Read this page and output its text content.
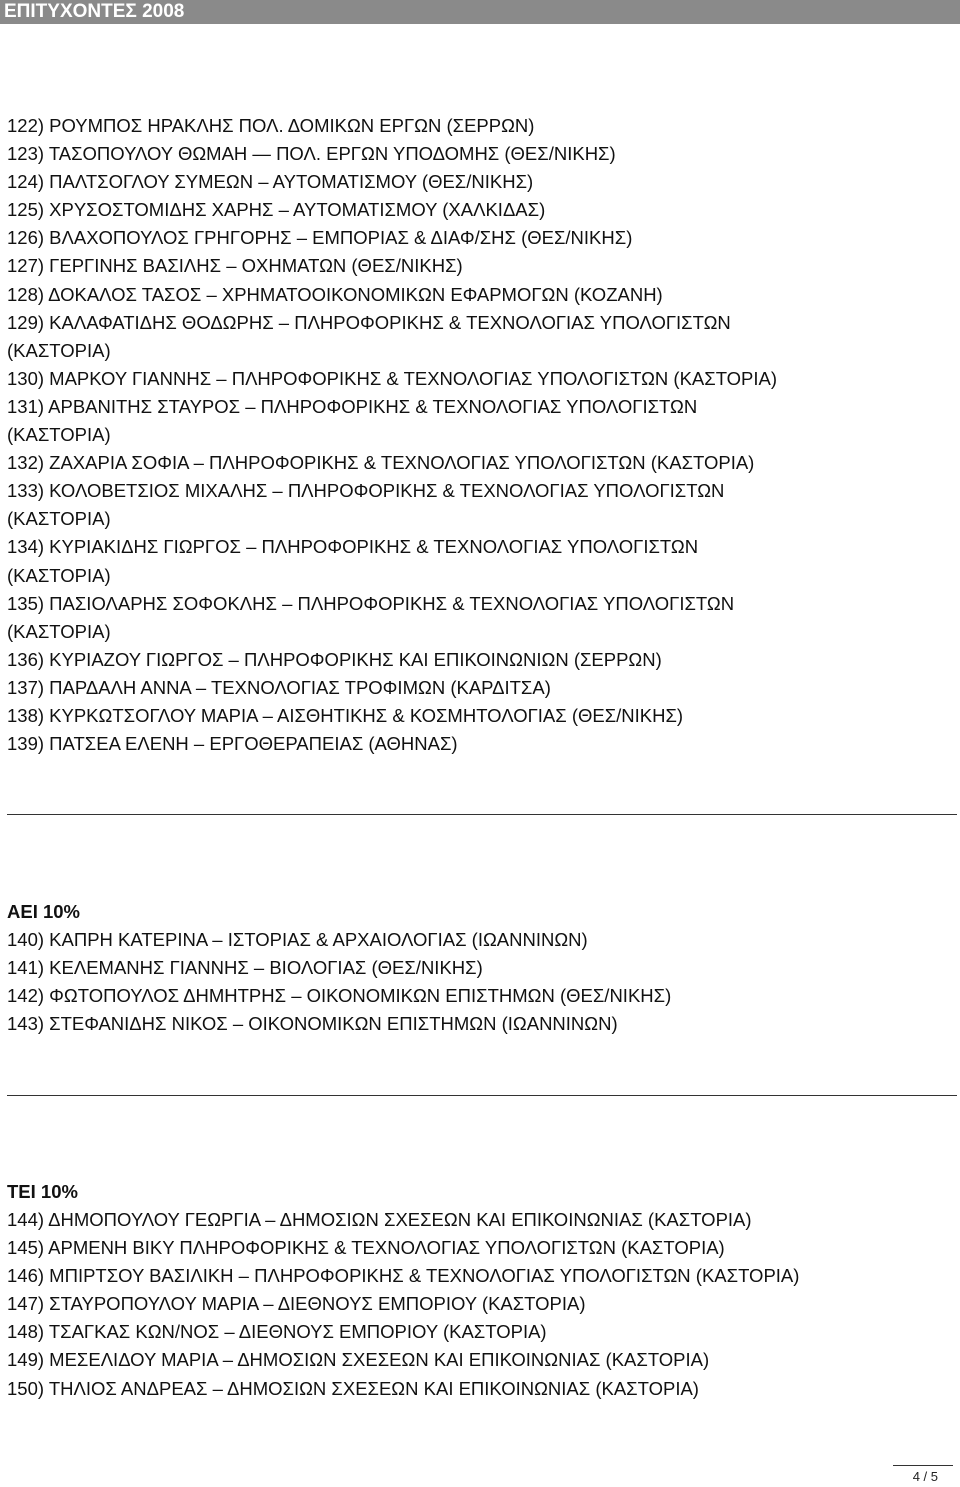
ΕΠΙΤΥΧΟΝΤΕΣ 2008
122) ΡΟΥΜΠΟΣ ΗΡΑΚΛΗΣ ΠΟΛ. ΔΟΜΙΚΩΝ ΕΡΓΩΝ (ΣΕΡΡΩΝ)
123) ΤΑΣΟΠΟΥΛΟΥ ΘΩΜΑΗ — ΠΟΛ. ΕΡΓΩΝ ΥΠΟΔΟΜΗΣ (ΘΕΣ/ΝΙΚΗΣ)
124) ΠΑΛΤΣΟΓΛΟΥ ΣΥΜΕΩΝ – ΑΥΤΟΜΑΤΙΣΜΟΥ (ΘΕΣ/ΝΙΚΗΣ)
125) ΧΡΥΣΟΣΤΟΜΙΔΗΣ ΧΑΡΗΣ – ΑΥΤΟΜΑΤΙΣΜΟΥ (ΧΑΛΚΙΔΑΣ)
126) ΒΛΑΧΟΠΟΥΛΟΣ ΓΡΗΓΟΡΗΣ – ΕΜΠΟΡΙΑΣ & ΔΙΑΦ/ΣΗΣ (ΘΕΣ/ΝΙΚΗΣ)
127) ΓΕΡΓΙΝΗΣ ΒΑΣΙΛΗΣ – ΟΧΗΜΑΤΩΝ (ΘΕΣ/ΝΙΚΗΣ)
128) ΔΟΚΑΛΟΣ ΤΑΣΟΣ – ΧΡΗΜΑΤΟΟΙΚΟΝΟΜΙΚΩΝ ΕΦΑΡΜΟΓΩΝ (ΚΟΖΑΝΗ)
129) ΚΑΛΑΦΑΤΙΔΗΣ ΘΟΔΩΡΗΣ – ΠΛΗΡΟΦΟΡΙΚΗΣ & ΤΕΧΝΟΛΟΓΙΑΣ ΥΠΟΛΟΓΙΣΤΩΝ
(ΚΑΣΤΟΡΙΑ)
130) ΜΑΡΚΟΥ ΓΙΑΝΝΗΣ – ΠΛΗΡΟΦΟΡΙΚΗΣ & ΤΕΧΝΟΛΟΓΙΑΣ ΥΠΟΛΟΓΙΣΤΩΝ (ΚΑΣΤΟΡΙΑ)
131) ΑΡΒΑΝΙΤΗΣ ΣΤΑΥΡΟΣ – ΠΛΗΡΟΦΟΡΙΚΗΣ & ΤΕΧΝΟΛΟΓΙΑΣ ΥΠΟΛΟΓΙΣΤΩΝ
(ΚΑΣΤΟΡΙΑ)
132) ΖΑΧΑΡΙΑ ΣΟΦΙΑ – ΠΛΗΡΟΦΟΡΙΚΗΣ & ΤΕΧΝΟΛΟΓΙΑΣ ΥΠΟΛΟΓΙΣΤΩΝ (ΚΑΣΤΟΡΙΑ)
133) ΚΟΛΟΒΕΤΣΙΟΣ ΜΙΧΑΛΗΣ – ΠΛΗΡΟΦΟΡΙΚΗΣ & ΤΕΧΝΟΛΟΓΙΑΣ ΥΠΟΛΟΓΙΣΤΩΝ
(ΚΑΣΤΟΡΙΑ)
134) ΚΥΡΙΑΚΙΔΗΣ ΓΙΩΡΓΟΣ – ΠΛΗΡΟΦΟΡΙΚΗΣ & ΤΕΧΝΟΛΟΓΙΑΣ ΥΠΟΛΟΓΙΣΤΩΝ
(ΚΑΣΤΟΡΙΑ)
135) ΠΑΣΙΟΛΑΡΗΣ ΣΟΦΟΚΛΗΣ – ΠΛΗΡΟΦΟΡΙΚΗΣ & ΤΕΧΝΟΛΟΓΙΑΣ ΥΠΟΛΟΓΙΣΤΩΝ
(ΚΑΣΤΟΡΙΑ)
136) ΚΥΡΙΑΖΟΥ ΓΙΩΡΓΟΣ – ΠΛΗΡΟΦΟΡΙΚΗΣ ΚΑΙ ΕΠΙΚΟΙΝΩΝΙΩΝ (ΣΕΡΡΩΝ)
137) ΠΑΡΔΑΛΗ ΑΝΝΑ – ΤΕΧΝΟΛΟΓΙΑΣ ΤΡΟΦΙΜΩΝ (ΚΑΡΔΙΤΣΑ)
138) ΚΥΡΚΩΤΣΟΓΛΟΥ ΜΑΡΙΑ – ΑΙΣΘΗΤΙΚΗΣ & ΚΟΣΜΗΤΟΛΟΓΙΑΣ (ΘΕΣ/ΝΙΚΗΣ)
139) ΠΑΤΣΕΑ ΕΛΕΝΗ – ΕΡΓΟΘΕΡΑΠΕΙΑΣ (ΑΘΗΝΑΣ)
ΑΕΙ 10%
140) ΚΑΠΡΗ ΚΑΤΕΡΙΝΑ – ΙΣΤΟΡΙΑΣ & ΑΡΧΑΙΟΛΟΓΙΑΣ (ΙΩΑΝΝΙΝΩΝ)
141) ΚΕΛΕΜΑΝΗΣ ΓΙΑΝΝΗΣ – ΒΙΟΛΟΓΙΑΣ (ΘΕΣ/ΝΙΚΗΣ)
142) ΦΩΤΟΠΟΥΛΟΣ ΔΗΜΗΤΡΗΣ – ΟΙΚΟΝΟΜΙΚΩΝ ΕΠΙΣΤΗΜΩΝ (ΘΕΣ/ΝΙΚΗΣ)
143) ΣΤΕΦΑΝΙΔΗΣ ΝΙΚΟΣ – ΟΙΚΟΝΟΜΙΚΩΝ ΕΠΙΣΤΗΜΩΝ (ΙΩΑΝΝΙΝΩΝ)
ΤΕΙ 10%
144) ΔΗΜΟΠΟΥΛΟΥ ΓΕΩΡΓΙΑ – ΔΗΜΟΣΙΩΝ ΣΧΕΣΕΩΝ ΚΑΙ ΕΠΙΚΟΙΝΩΝΙΑΣ (ΚΑΣΤΟΡΙΑ)
145) ΑΡΜΕΝΗ ΒΙΚΥ ΠΛΗΡΟΦΟΡΙΚΗΣ & ΤΕΧΝΟΛΟΓΙΑΣ ΥΠΟΛΟΓΙΣΤΩΝ (ΚΑΣΤΟΡΙΑ)
146) ΜΠΙΡΤΣΟΥ ΒΑΣΙΛΙΚΗ – ΠΛΗΡΟΦΟΡΙΚΗΣ & ΤΕΧΝΟΛΟΓΙΑΣ ΥΠΟΛΟΓΙΣΤΩΝ (ΚΑΣΤΟΡΙΑ)
147) ΣΤΑΥΡΟΠΟΥΛΟΥ ΜΑΡΙΑ – ΔΙΕΘΝΟΥΣ ΕΜΠΟΡΙΟΥ (ΚΑΣΤΟΡΙΑ)
148) ΤΣΑΓΚΑΣ ΚΩΝ/ΝΟΣ – ΔΙΕΘΝΟΥΣ ΕΜΠΟΡΙΟΥ (ΚΑΣΤΟΡΙΑ)
149) ΜΕΣΕΛΙΔΟΥ ΜΑΡΙΑ – ΔΗΜΟΣΙΩΝ ΣΧΕΣΕΩΝ ΚΑΙ ΕΠΙΚΟΙΝΩΝΙΑΣ (ΚΑΣΤΟΡΙΑ)
150) ΤΗΛΙΟΣ ΑΝΔΡΕΑΣ – ΔΗΜΟΣΙΩΝ ΣΧΕΣΕΩΝ ΚΑΙ ΕΠΙΚΟΙΝΩΝΙΑΣ (ΚΑΣΤΟΡΙΑ)
4 / 5
